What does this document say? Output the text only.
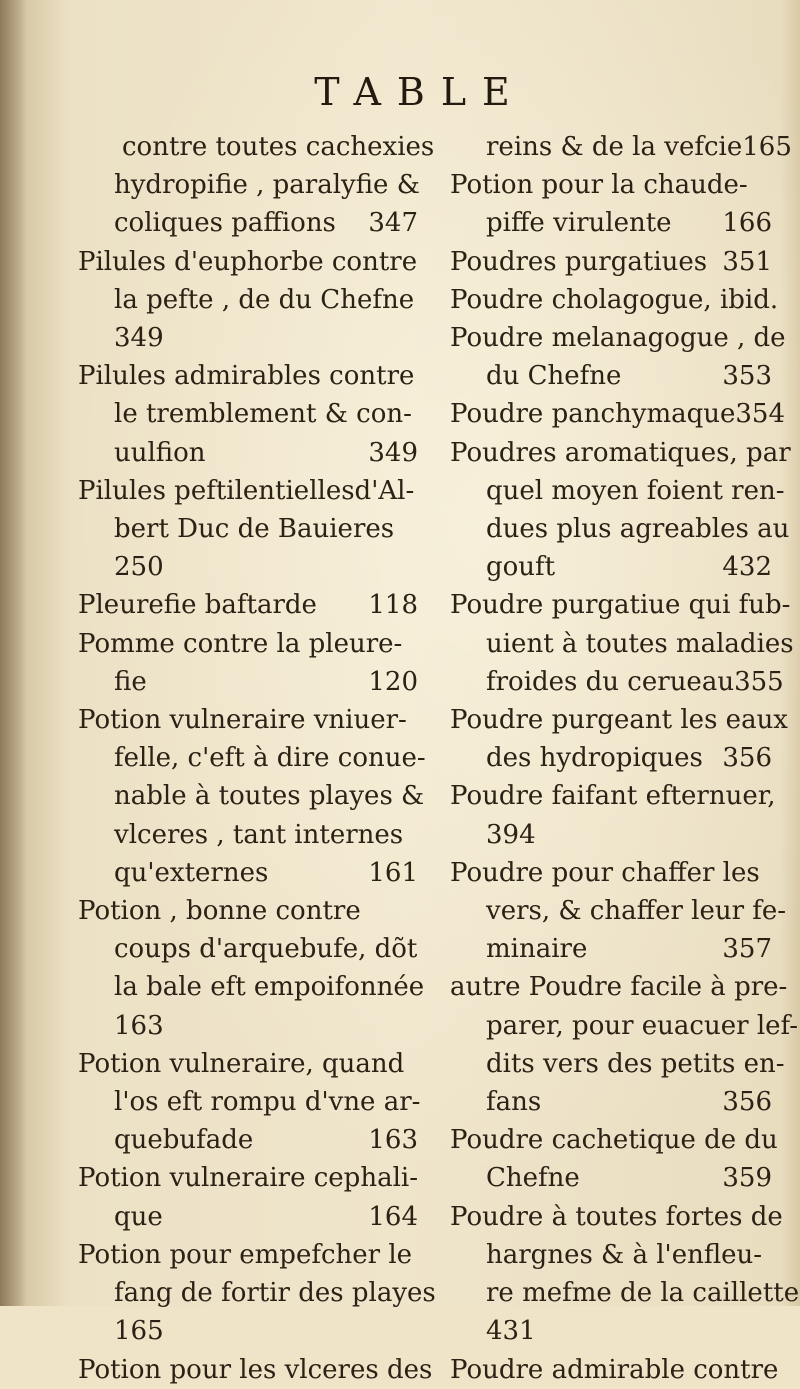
TABLE
contre toutes cachexies
hydropifie , paralyfie &
coliques paffions 347
Pilules d'euphorbe contre
la pefte , de du Chefne
349
Pilules admirables contre
le tremblement & con-
uulfion	349
Pilules peftilentiellesd'Al-
bert Duc de Bauieres
250
Pleurefie baftarde 118
Pomme contre la pleure-
fie	120
Potion vulneraire vniuer-
felle, c'eft à dire conue-
nable à toutes playes &
vlceres , tant internes
qu'externes	161
Potion , bonne contre
coups d'arquebufe, dõt
la bale eft empoifonnée
163
Potion vulneraire, quand
l'os eft rompu d'vne ar-
quebufade	163
Potion vulneraire cephali-
que	164
Potion pour empefcher le
fang de fortir des playes
165
Potion pour les vlceres des
reins & de la vefcie 165
Potion pour la chaude-
piffe virulente 166
Poudres purgatiues 351
Poudre cholagogue, ibid.
Poudre melanagogue , de
du Chefne	353
Poudre panchymaque 354
Poudres aromatiques, par
quel moyen foient ren-
dues plus agreables au
gouft	432
Poudre purgatiue qui fub-
uient à toutes maladies
froides du cerueau 355
Poudre purgeant les eaux
des hydropiques 356
Poudre faifant efternuer,
394
Poudre pour chaffer les
vers, & chaffer leur fe-
minaire	357
autre Poudre facile à pre-
parer, pour euacuer lef-
dits vers des petits en-
fans	356
Poudre cachetique de du
Chefne	359
Poudre à toutes fortes de
hargnes & à l'enfleu-
re mefme de la caillette
431
Poudre admirable contre
